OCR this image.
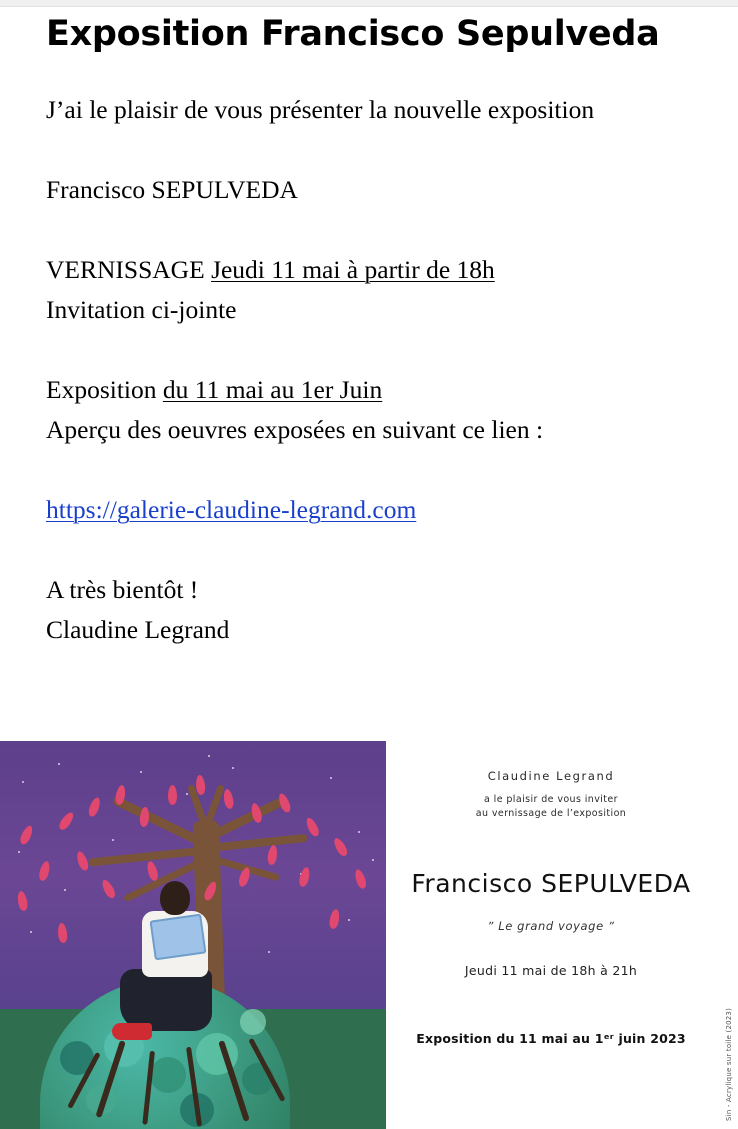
Exposition Francisco Sepulveda

J’ai le plaisir de vous présenter la nouvelle exposition

Francisco SEPULVEDA

VERNISSAGE Jeudi 11 mai à partir de 18h

Invitation ci-jointe

Exposition du 11 mai au 1er Juin

Aperçu des oeuvres exposées en suivant ce lien :

https://galerie-claudine-legrand.com

A très bientôt !

Claudine Legrand

Claudine Legrand
a le plaisir de vous inviter
au vernissage de l’exposition
Francisco SEPULVEDA
ˮ Le grand voyage ˮ
Jeudi 11 mai de 18h à 21h
Exposition du 11 mai au 1ᵉʳ juin 2023	Sin - Acrylique sur toile (2023)
